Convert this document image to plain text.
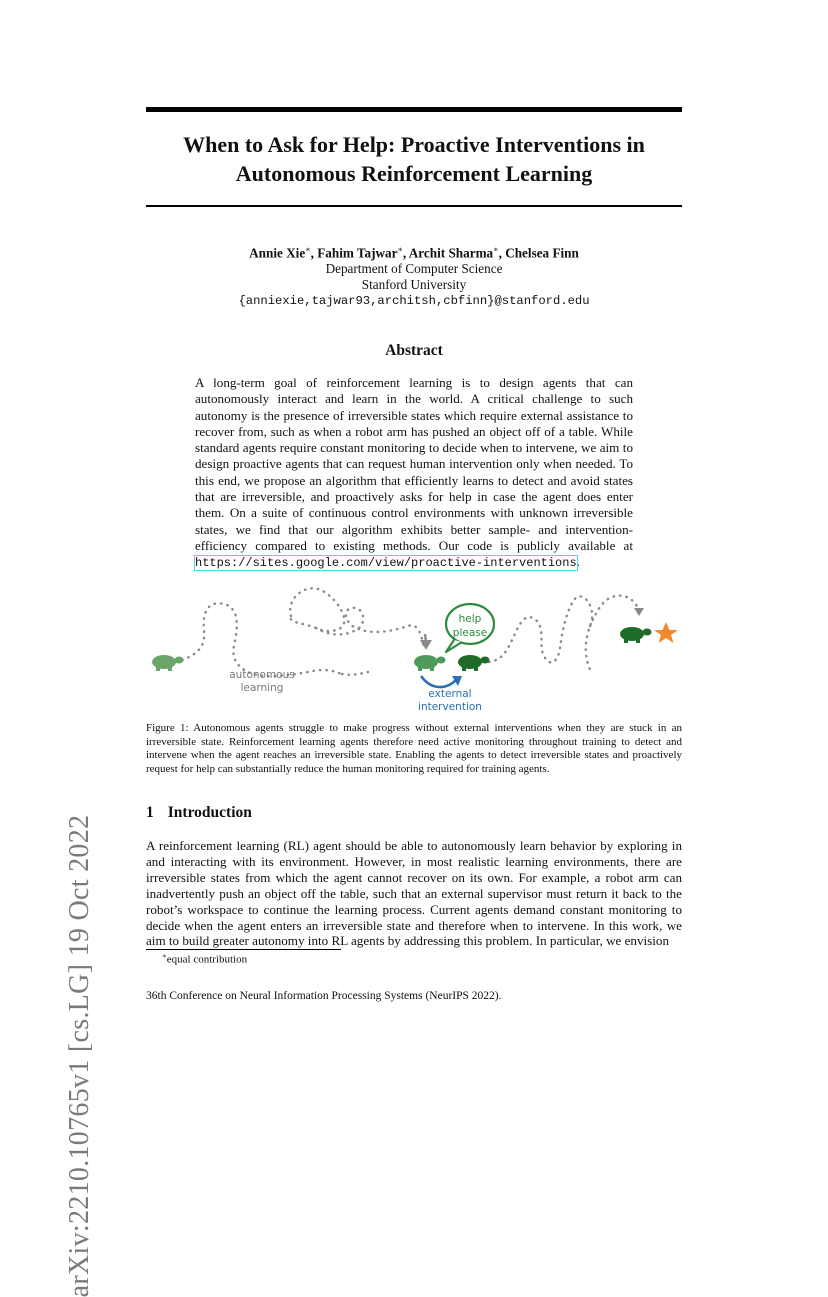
arXiv:2210.10765v1 [cs.LG] 19 Oct 2022
When to Ask for Help: Proactive Interventions in Autonomous Reinforcement Learning
Annie Xie∗, Fahim Tajwar∗, Archit Sharma∗, Chelsea Finn
Department of Computer Science
Stanford University
{anniexie,tajwar93,architsh,cbfinn}@stanford.edu
Abstract

A long-term goal of reinforcement learning is to design agents that can autonomously interact and learn in the world. A critical challenge to such autonomy is the presence of irreversible states which require external assistance to recover from, such as when a robot arm has pushed an object off of a table. While standard agents require constant monitoring to decide when to intervene, we aim to design proactive agents that can request human intervention only when needed. To this end, we propose an algorithm that efficiently learns to detect and avoid states that are irreversible, and proactively asks for help in case the agent does enter them. On a suite of continuous control environments with unknown irreversible states, we find that our algorithm exhibits better sample- and intervention-efficiency compared to existing methods. Our code is publicly available at https://sites.google.com/view/proactive-interventions.

help
please
autonomous
learning	external
intervention

Figure 1: Autonomous agents struggle to make progress without external interventions when they are stuck in an irreversible state. Reinforcement learning agents therefore need active monitoring throughout training to detect and intervene when the agent reaches an irreversible state. Enabling the agents to detect irreversible states and proactively request for help can substantially reduce the human monitoring required for training agents.

1 Introduction

A reinforcement learning (RL) agent should be able to autonomously learn behavior by exploring in and interacting with its environment. However, in most realistic learning environments, there are irreversible states from which the agent cannot recover on its own. For example, a robot arm can inadvertently push an object off the table, such that an external supervisor must return it back to the robot’s workspace to continue the learning process. Current agents demand constant monitoring to decide when the agent enters an irreversible state and therefore when to intervene. In this work, we aim to build greater autonomy into RL agents by addressing this problem. In particular, we envision

∗equal contribution
36th Conference on Neural Information Processing Systems (NeurIPS 2022).
